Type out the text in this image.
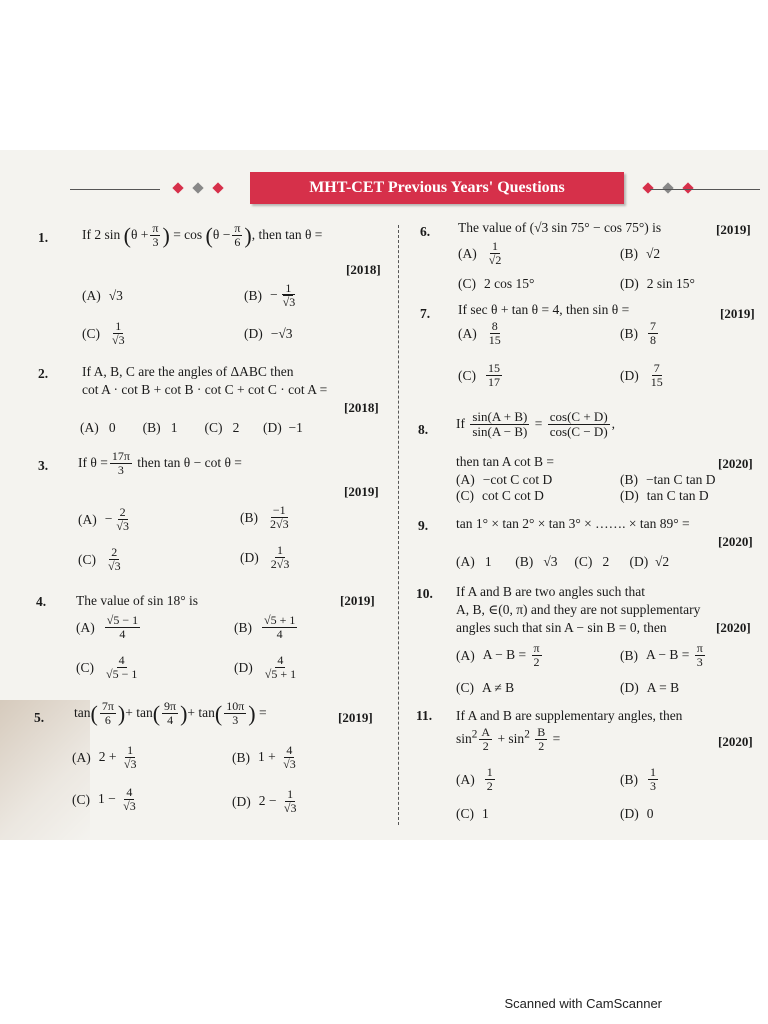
MHT-CET Previous Years' Questions
1.	If 2 $\sin (\theta + \frac{\pi}{3}$ ) = $\cos (\theta - \frac{\pi}{6}$ ), then tan θ =
[2018]
(A) √3	$(B) - \frac{1}{√3}$
$(C) \frac{1}{√3}$	(D) −√3
2.	If A, B, C are the angles of ΔABC then
cot A · cot B + cot B · cot C + cot C · cot A =
[2018]
(A)   0        (B)   1        (C)   2       (D)  −1
3. If $\theta = \frac{17\pi}{3}$ then tan θ − cot θ =
[2019]
$(A) - \frac{2}{√3}$	$(B) \frac{-1}{2√3}$
$(C) \frac{2}{√3}$	$(D) \frac{1}{2√3}$
4. The value of sin 18° is	[2019]
$(A) \frac{√5 - 1}{4}$	$(B) \frac{√5 + 1}{4}$
$(C) \frac{4}{√5 - 1}$	$(D) \frac{4}{√5 + 1}$
5. $\tan( \frac{7\pi}{6}$ )+ $\tan( \frac{9\pi}{4}$ )+ $\tan( \frac{10\pi}{3}$ ) =	[2019]
(A) $2 + \frac{1}{√3}$	(B) $1 + \frac{4}{√3}$
(C) $1 - \frac{4}{√3}$	(D) $2 - \frac{1}{√3}$
6. The value of (√3 sin 75° − cos 75°) is	[2019]
$(A) \frac{1}{√2}$	(B) √2
(C) 2 cos 15°	(D) 2 sin 15°
7. If sec θ + tan θ = 4, then sin θ =	[2019]
$(A) \frac{8}{15}$	$(B) \frac{7}{8}$
$(C) \frac{15}{17}$	$(D) \frac{7}{15}$
8. If $\frac{\sin(A + B)}{\sin(A - B)} = \frac{\cos(C + D)}{\cos(C - D)}$ ,
then tan A cot B =	[2020]
(A) −cot C cot D	(B) −tan C tan D
(C) cot C cot D	(D) tan C tan D
9. tan 1° × tan 2° × tan 3° × ……. × tan 89° =
[2020]
(A)   1       (B)   √3     (C)   2      (D)  √2
10. If A and B are two angles such that
A, B, ∈(0, π) and they are not supplementary
angles such that sin A − sin B = 0, then	[2020]
(A) $A - B = \frac{\pi}{2}$	(B) $A - B = \frac{\pi}{3}$
(C) A ≠ B	(D) A = B
11. If A and B are supplementary angles, then
$\sin^2 \frac{A}{2} + \sin^2 \frac{B}{2}$ =	[2020]
$(A) \frac{1}{2}$	$(B) \frac{1}{3}$
(C) 1	(D) 0
Scanned with CamScanner
